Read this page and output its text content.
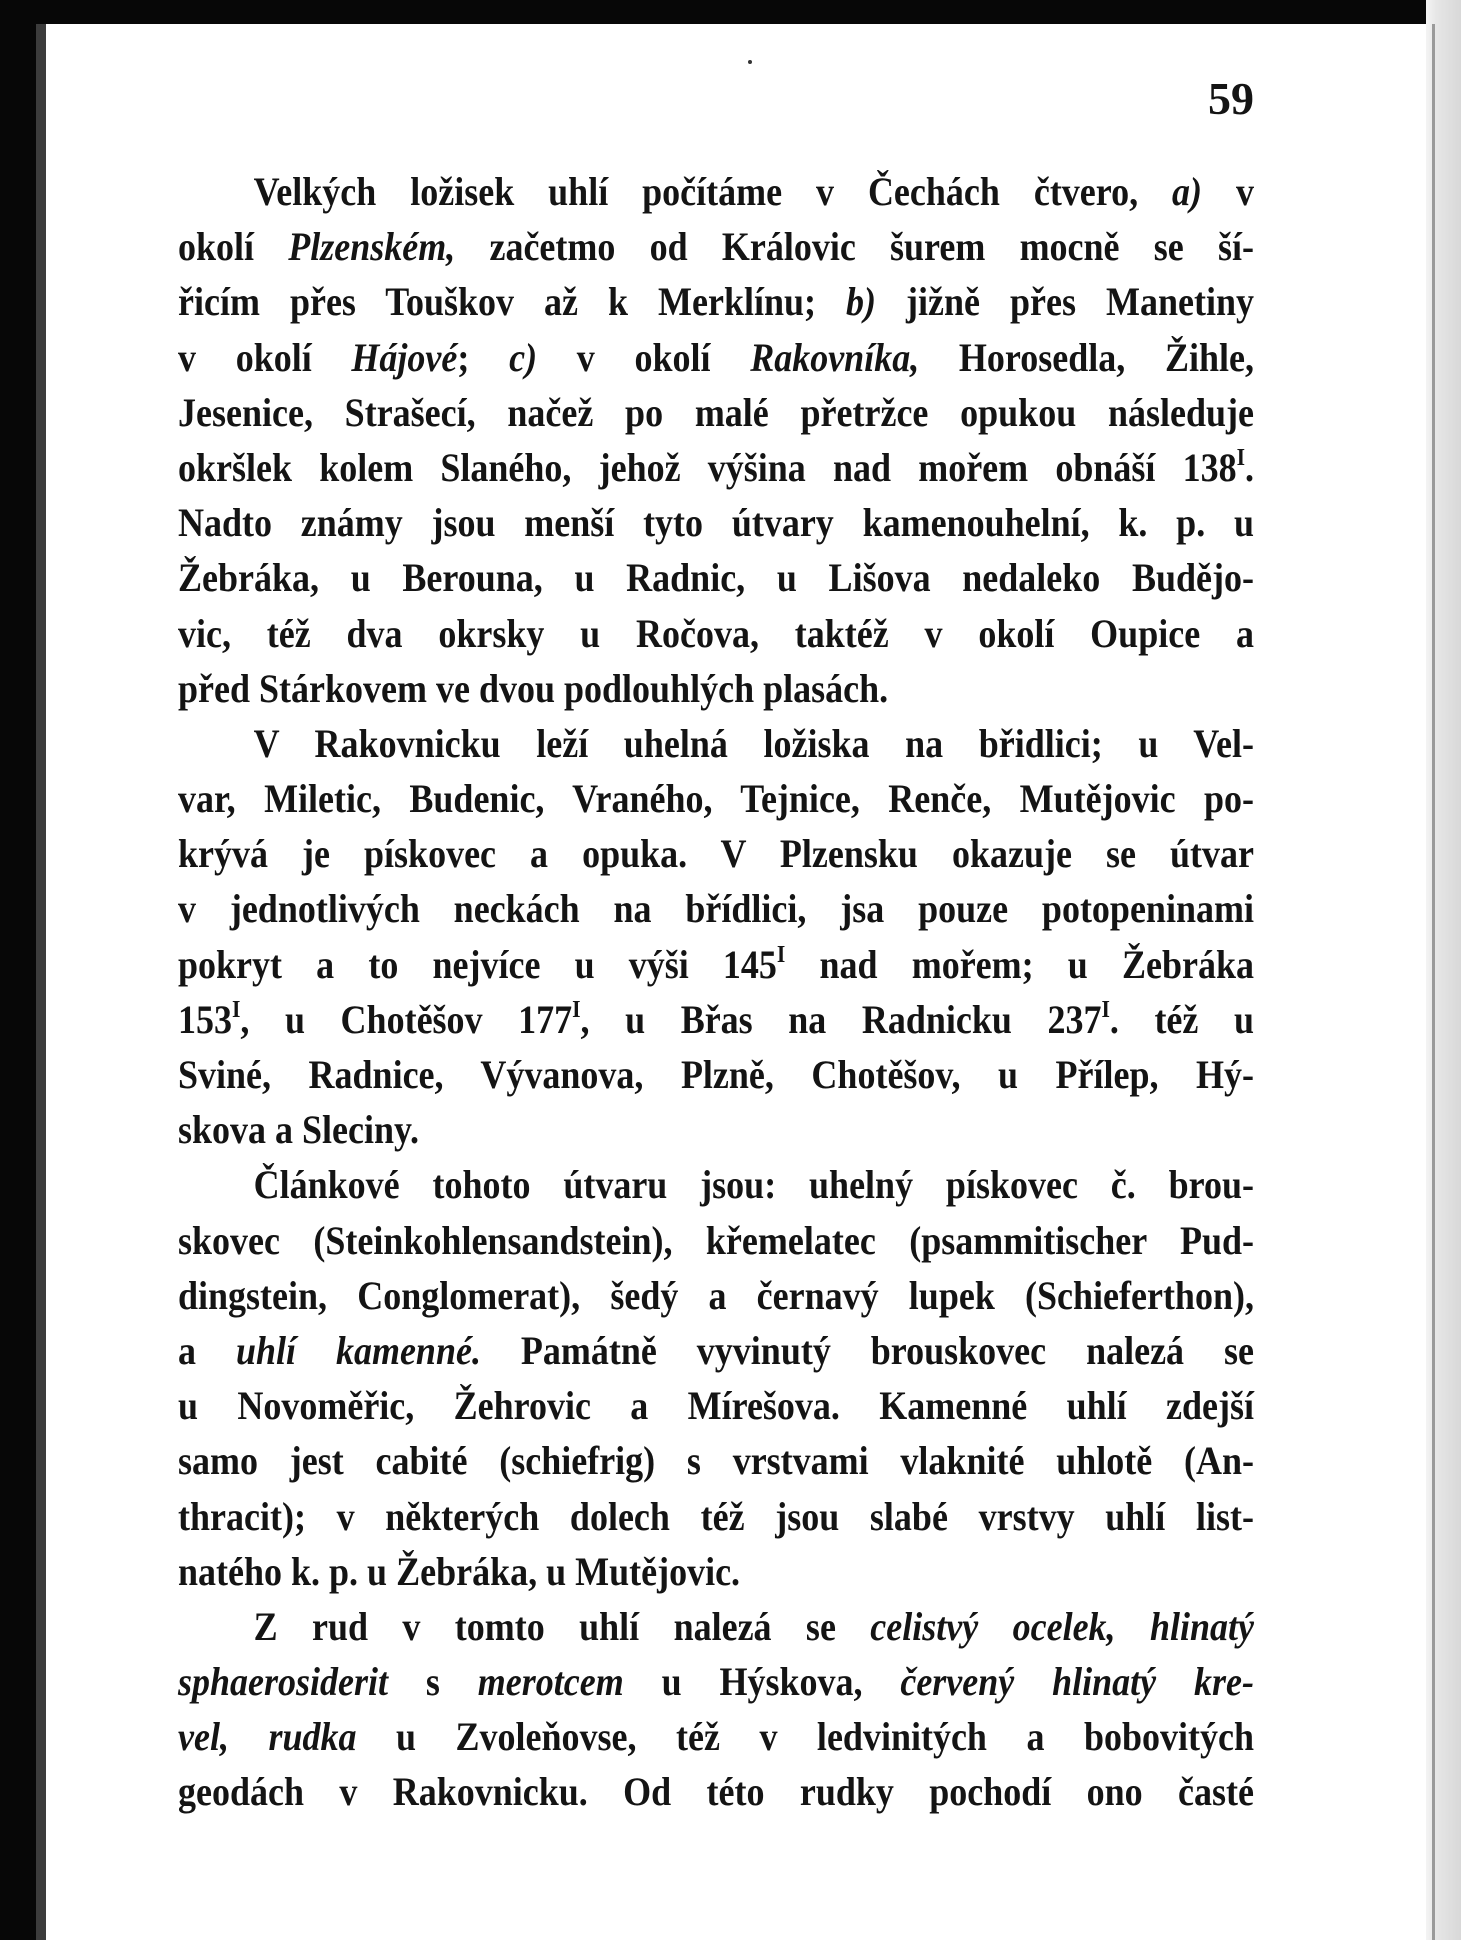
59

Velkých ložisek uhlí počítáme v Čechách čtvero, a) v
okolí Plzenském, začetmo od Královic šurem mocně se ší-
řicím přes Touškov až k Merklínu; b) jižně přes Manetiny
v okolí Hájové; c) v okolí Rakovníka, Horosedla, Žihle,
Jesenice, Strašecí, načež po malé přetržce opukou následuje
okršlek kolem Slaného, jehož výšina nad mořem obnáší $138^I$.
Nadto známy jsou menší tyto útvary kamenouhelní, k. p. u
Žebráka, u Berouna, u Radnic, u Lišova nedaleko Budějo-
vic, též dva okrsky u Ročova, taktéž v okolí Oupice a
před Stárkovem ve dvou podlouhlých plasách.
V Rakovnicku leží uhelná ložiska na břidlici; u Vel-
var, Miletic, Budenic, Vraného, Tejnice, Renče, Mutějovic po-
krývá je pískovec a opuka. V Plzensku okazuje se útvar
v jednotlivých neckách na břídlici, jsa pouze potopeninami
pokryt a to nejvíce u výši $145^I$ nad mořem; u Žebráka
$153^I$, u Chotěšov $177^I$, u Břas na Radnicku $237^I$. též u
Sviné, Radnice, Vývanova, Plzně, Chotěšov, u Přílep, Hý-
skova a Sleciny.
Článkové tohoto útvaru jsou: uhelný pískovec č. brou-
skovec (Steinkohlensandstein), křemelatec (psammitischer Pud-
dingstein, Conglomerat), šedý a černavý lupek (Schieferthon),
a uhlí kamenné. Památně vyvinutý brouskovec nalezá se
u Novoměřic, Žehrovic a Mírešova. Kamenné uhlí zdejší
samo jest cabité (schiefrig) s vrstvami vlaknité uhlotě (An-
thracit); v některých dolech též jsou slabé vrstvy uhlí list-
natého k. p. u Žebráka, u Mutějovic.
Z rud v tomto uhlí nalezá se celistvý ocelek, hlinatý
sphaerosiderit s merotcem u Hýskova, červený hlinatý kre-
vel, rudka u Zvoleňovse, též v ledvinitých a bobovitých
geodách v Rakovnicku. Od této rudky pochodí ono časté
